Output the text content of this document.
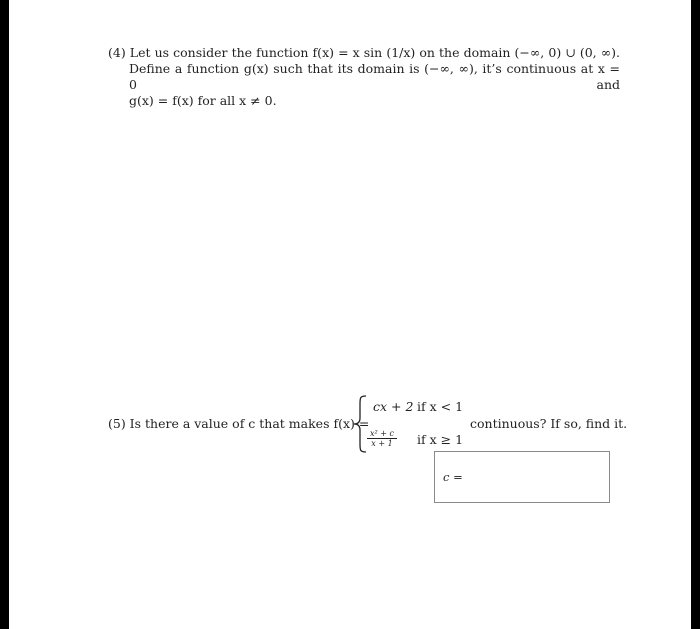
(4) Let us consider the function f(x) = x sin (1/x) on the domain (−∞, 0) ∪ (0, ∞).
Define a function g(x) such that its domain is (−∞, ∞), it’s continuous at x = 0 and
g(x) = f(x) for all x ≠ 0.
(5) Is there a value of c that makes f(x) =
cx + 2 if x < 1
$\frac{\text{x² + c}}{x + 1}$ if x ≥ 1
continuous? If so, find it.
c =
